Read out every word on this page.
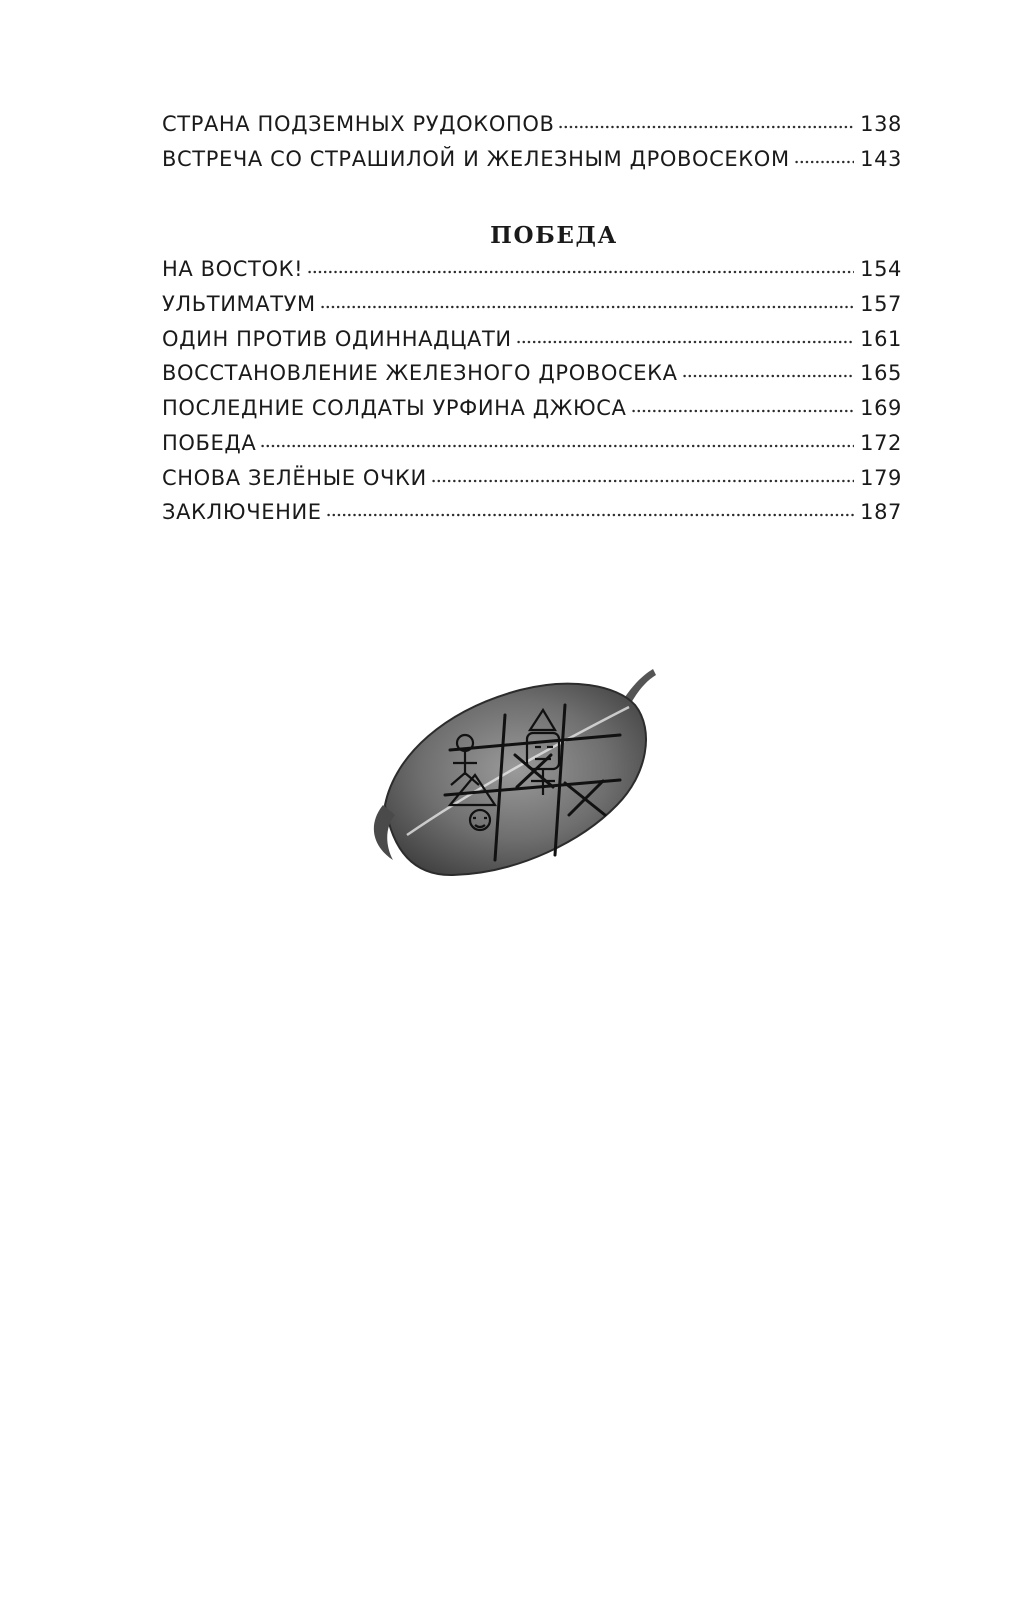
СТРАНА ПОДЗЕМНЫХ РУДОКОПОВ	138
ВСТРЕЧА СО СТРАШИЛОЙ И ЖЕЛЕЗНЫМ ДРОВОСЕКОМ	143
ПОБЕДА
НА ВОСТОК!	154
УЛЬТИМАТУМ	157
ОДИН ПРОТИВ ОДИННАДЦАТИ	161
ВОССТАНОВЛЕНИЕ ЖЕЛЕЗНОГО ДРОВОСЕКА	165
ПОСЛЕДНИЕ СОЛДАТЫ УРФИНА ДЖЮСА	169
ПОБЕДА	172
СНОВА ЗЕЛЁНЫЕ ОЧКИ	179
ЗАКЛЮЧЕНИЕ	187
